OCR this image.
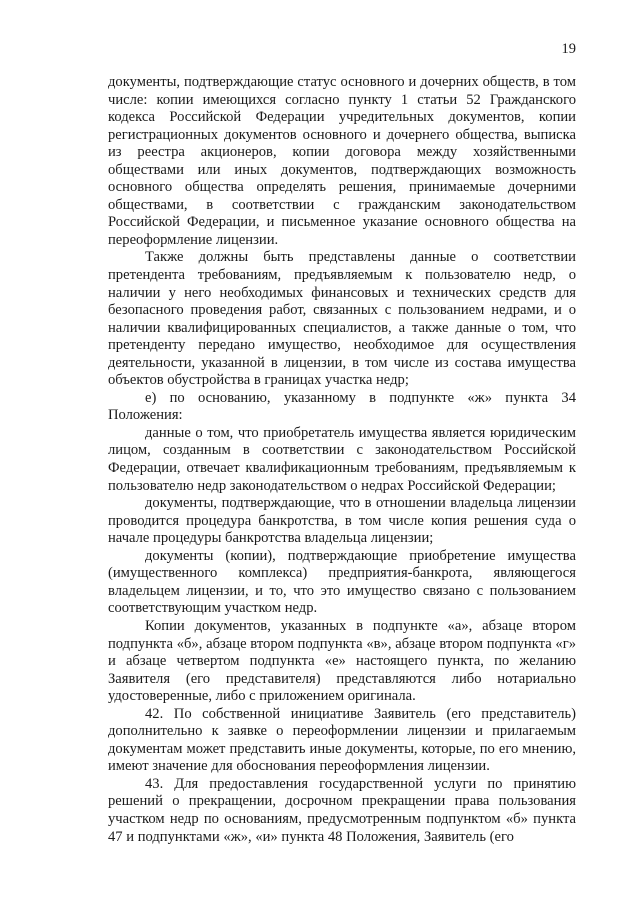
19

документы, подтверждающие статус основного и дочерних обществ, в том числе: копии имеющихся согласно пункту 1 статьи 52 Гражданского кодекса Российской Федерации учредительных документов, копии регистрационных документов основного и дочернего общества, выписка из реестра акционеров, копии договора между хозяйственными обществами или иных документов, подтверждающих возможность основного общества определять решения, принимаемые дочерними обществами, в соответствии с гражданским законодательством Российской Федерации, и письменное указание основного общества на переоформление лицензии.

Также должны быть представлены данные о соответствии претендента требованиям, предъявляемым к пользователю недр, о наличии у него необходимых финансовых и технических средств для безопасного проведения работ, связанных с пользованием недрами, и о наличии квалифицированных специалистов, а также данные о том, что претенденту передано имущество, необходимое для осуществления деятельности, указанной в лицензии, в том числе из состава имущества объектов обустройства в границах участка недр;

е) по основанию, указанному в подпункте «ж» пункта 34 Положения:

данные о том, что приобретатель имущества является юридическим лицом, созданным в соответствии с законодательством Российской Федерации, отвечает квалификационным требованиям, предъявляемым к пользователю недр законодательством о недрах Российской Федерации;

документы, подтверждающие, что в отношении владельца лицензии проводится процедура банкротства, в том числе копия решения суда о начале процедуры банкротства владельца лицензии;

документы (копии), подтверждающие приобретение имущества (имущественного комплекса) предприятия-банкрота, являющегося владельцем лицензии, и то, что это имущество связано с пользованием соответствующим участком недр.

Копии документов, указанных в подпункте «а», абзаце втором подпункта «б», абзаце втором подпункта «в», абзаце втором подпункта «г» и абзаце четвертом подпункта «е» настоящего пункта, по желанию Заявителя (его представителя) представляются либо нотариально удостоверенные, либо с приложением оригинала.

42. По собственной инициативе Заявитель (его представитель) дополнительно к заявке о переоформлении лицензии и прилагаемым документам может представить иные документы, которые, по его мнению, имеют значение для обоснования переоформления лицензии.

43. Для предоставления государственной услуги по принятию решений о прекращении, досрочном прекращении права пользования участком недр по основаниям, предусмотренным подпунктом «б» пункта 47 и подпунктами «ж», «и» пункта 48 Положения, Заявитель (его
